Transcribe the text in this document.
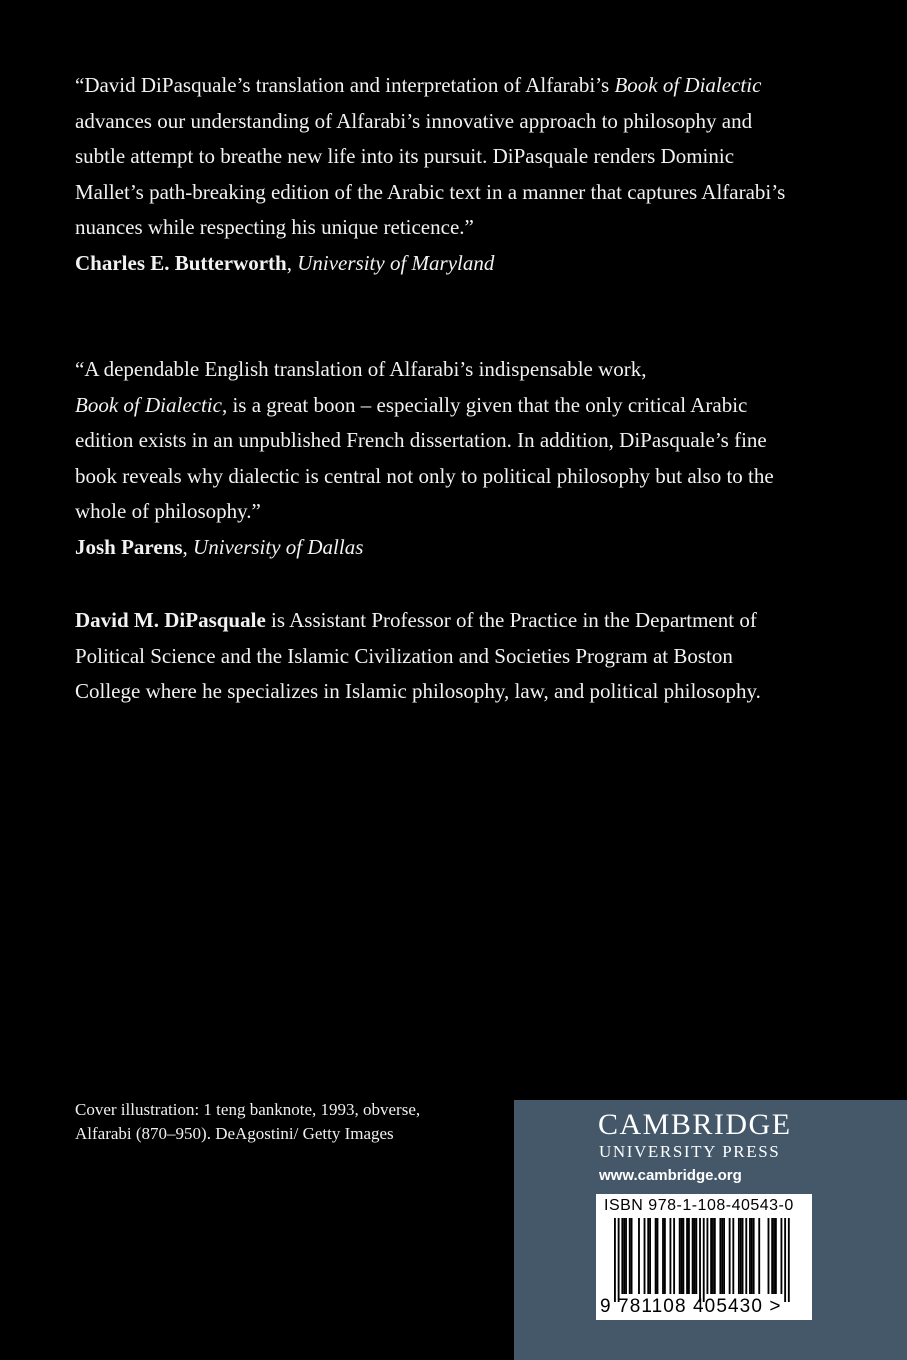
“David DiPasquale’s translation and interpretation of Alfarabi’s Book of Dialectic advances our understanding of Alfarabi’s innovative approach to philosophy and subtle attempt to breathe new life into its pursuit. DiPasquale renders Dominic Mallet’s path-breaking edition of the Arabic text in a manner that captures Alfarabi’s nuances while respecting his unique reticence.”

Charles E. Butterworth, University of Maryland

“A dependable English translation of Alfarabi’s indispensable work,
Book of Dialectic, is a great boon – especially given that the only critical Arabic edition exists in an unpublished French dissertation. In addition, DiPasquale’s fine book reveals why dialectic is central not only to political philosophy but also to the whole of philosophy.”

Josh Parens, University of Dallas

David M. DiPasquale is Assistant Professor of the Practice in the Department of Political Science and the Islamic Civilization and Societies Program at Boston College where he specializes in Islamic philosophy, law, and political philosophy.

Cover illustration: 1 teng banknote, 1993, obverse, Alfarabi (870–950). DeAgostini/ Getty Images	CAMBRIDGE
UNIVERSITY PRESS
www.cambridge.org
ISBN 978-1-108-40543-0
9 781108 405430 >
